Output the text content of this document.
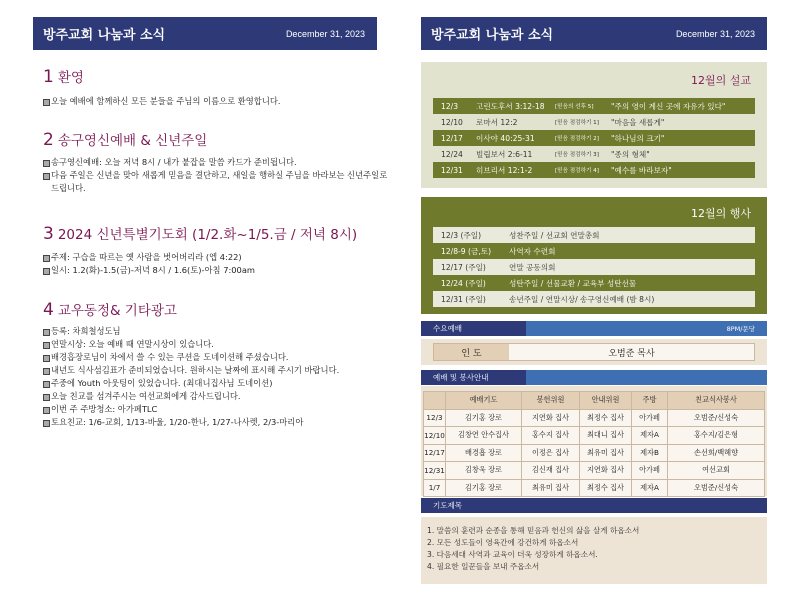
방주교회 나눔과 소식	December 31, 2023
1 환영
오늘 예배에 함께하신 모든 분들을 주님의 이름으로 환영합니다.
2 송구영신예배 & 신년주일
송구영신예배: 오늘 저녁 8시 / 내가 붙잡을 말씀 카드가 준비됩니다.
다음 주일은 신년을 맞아 새롭게 믿음을 결단하고, 새일을 행하실 주님을 바라보는 신년주일로 드립니다.
3 2024 신년특별기도회 (1/2.화~1/5.금 / 저녁 8시)
주제: 구습을 따르는 옛 사람을 벗어버리라 (엡 4:22)
일시: 1.2(화)-1.5(금)-저녁 8시 / 1.6(토)-아침 7:00am
4 교우동정& 기타광고
등록: 차희철성도님
연말시상: 오늘 예배 때 연말시상이 있습니다.
배경흡장로님이 차에서 쓸 수 있는 쿠션을 도네이션해 주셨습니다.
내년도 식사섬김표가 준비되었습니다. 원하시는 날짜에 표시해 주시기 바랍니다.
주중에 Youth 아웃팅이 있었습니다. (최대니집사님 도네이션)
오늘 친교를 섬겨주시는 여선교회에게 감사드립니다.
이번 주 주방청소: 아가페TLC
토요친교: 1/6-교회, 1/13-바울, 1/20-한나, 1/27-나사렛, 2/3-마리아
방주교회 나눔과 소식	December 31, 2023
12월의 설교
12/3	고린도후서 3:12-18	[믿음의 선후 5]	"주의 영이 계신 곳에 자유가 있다"
12/10	로마서 12:2	[믿음 점검하기 1]	"마음을 새롭게"
12/17	이사야 40:25-31	[믿음 점검하기 2]	"하나님의 크기"
12/24	빌립보서 2:6-11	[믿음 점검하기 3]	"종의 형체"
12/31	히브리서 12:1-2	[믿음 점검하기 4]	"예수를 바라보자"
12월의 행사
12/3 (주일)	성찬주일 / 선교회 연말총회
12/8-9 (금,토)	사역자 수련회
12/17 (주일)	연말 공동의회
12/24 (주일)	성탄주일 / 선물교환 / 교육부 성탄선물
12/31 (주일)	송년주일 / 연말시상/ 송구영신예배 (밤 8시)
수요예배	8PM/문당
인 도	오범준 목사
예배 및 봉사안내
	예배기도	봉헌위원	안내위원	주방	친교식사봉사
12/3	김기홍 장로	지연화 집사	최정수 집사	아가페	오범준/신성숙
12/10	김창연 안수집사	홍수지 집사	최대니 집사	제자A	홍수지/김은형
12/17	배경흡 장로	이정은 집사	최유미 집사	제자B	손선희/백혜향
12/31	김창욱 장로	김신재 집사	지연화 집사	아가페	여선교회
1/7	김기홍 장로	최유미 집사	최정수 집사	제자A	오범준/신성숙
기도제목
1. 말씀의 훈련과 순종을 통해 믿음과 헌신의 삶을 살게 하옵소서
2. 모든 성도들이 영육간에 강건하게 하옵소서
3. 다음세대 사역과 교육이 더욱 성장하게 하옵소서.
4. 필요한 일꾼들을 보내 주옵소서
